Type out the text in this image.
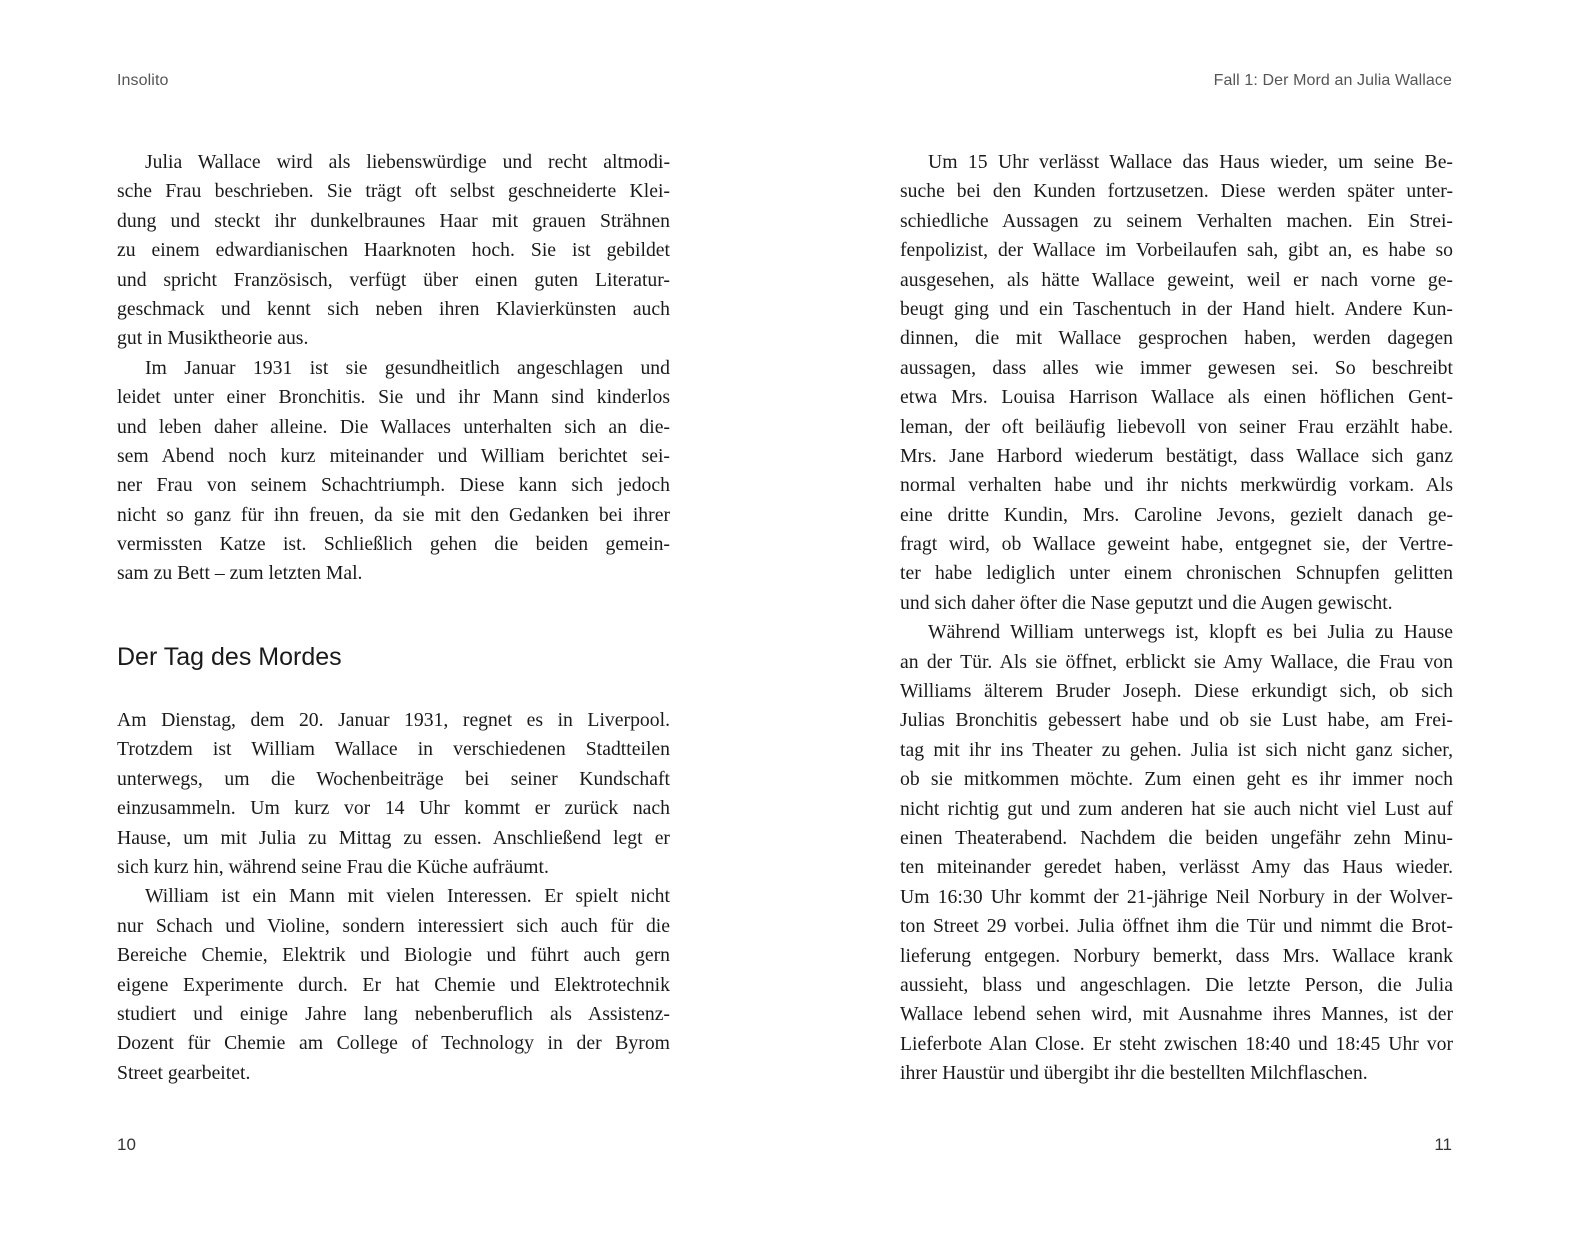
Insolito

Julia Wallace wird als liebenswürdige und recht altmodi-
sche Frau beschrieben. Sie trägt oft selbst geschneiderte Klei-
dung und steckt ihr dunkelbraunes Haar mit grauen Strähnen
zu einem edwardianischen Haarknoten hoch. Sie ist gebildet
und spricht Französisch, verfügt über einen guten Literatur-
geschmack und kennt sich neben ihren Klavierkünsten auch
gut in Musiktheorie aus.

Im Januar 1931 ist sie gesundheitlich angeschlagen und
leidet unter einer Bronchitis. Sie und ihr Mann sind kinderlos
und leben daher alleine. Die Wallaces unterhalten sich an die-
sem Abend noch kurz miteinander und William berichtet sei-
ner Frau von seinem Schachtriumph. Diese kann sich jedoch
nicht so ganz für ihn freuen, da sie mit den Gedanken bei ihrer
vermissten Katze ist. Schließlich gehen die beiden gemein-
sam zu Bett – zum letzten Mal.

Der Tag des Mordes

Am Dienstag, dem 20. Januar 1931, regnet es in Liverpool.
Trotzdem ist William Wallace in verschiedenen Stadtteilen
unterwegs, um die Wochenbeiträge bei seiner Kundschaft
einzusammeln. Um kurz vor 14 Uhr kommt er zurück nach
Hause, um mit Julia zu Mittag zu essen. Anschließend legt er
sich kurz hin, während seine Frau die Küche aufräumt.

William ist ein Mann mit vielen Interessen. Er spielt nicht
nur Schach und Violine, sondern interessiert sich auch für die
Bereiche Chemie, Elektrik und Biologie und führt auch gern
eigene Experimente durch. Er hat Chemie und Elektrotechnik
studiert und einige Jahre lang nebenberuflich als Assistenz-
Dozent für Chemie am College of Technology in der Byrom
Street gearbeitet.

10
Fall 1: Der Mord an Julia Wallace

Um 15 Uhr verlässt Wallace das Haus wieder, um seine Be-
suche bei den Kunden fortzusetzen. Diese werden später unter-
schiedliche Aussagen zu seinem Verhalten machen. Ein Strei-
fenpolizist, der Wallace im Vorbeilaufen sah, gibt an, es habe so
ausgesehen, als hätte Wallace geweint, weil er nach vorne ge-
beugt ging und ein Taschentuch in der Hand hielt. Andere Kun-
dinnen, die mit Wallace gesprochen haben, werden dagegen
aussagen, dass alles wie immer gewesen sei. So beschreibt
etwa Mrs. Louisa Harrison Wallace als einen höflichen Gent-
leman, der oft beiläufig liebevoll von seiner Frau erzählt habe.
Mrs. Jane Harbord wiederum bestätigt, dass Wallace sich ganz
normal verhalten habe und ihr nichts merkwürdig vorkam. Als
eine dritte Kundin, Mrs. Caroline Jevons, gezielt danach ge-
fragt wird, ob Wallace geweint habe, entgegnet sie, der Vertre-
ter habe lediglich unter einem chronischen Schnupfen gelitten
und sich daher öfter die Nase geputzt und die Augen gewischt.

Während William unterwegs ist, klopft es bei Julia zu Hause
an der Tür. Als sie öffnet, erblickt sie Amy Wallace, die Frau von
Williams älterem Bruder Joseph. Diese erkundigt sich, ob sich
Julias Bronchitis gebessert habe und ob sie Lust habe, am Frei-
tag mit ihr ins Theater zu gehen. Julia ist sich nicht ganz sicher,
ob sie mitkommen möchte. Zum einen geht es ihr immer noch
nicht richtig gut und zum anderen hat sie auch nicht viel Lust auf
einen Theaterabend. Nachdem die beiden ungefähr zehn Minu-
ten miteinander geredet haben, verlässt Amy das Haus wieder.
Um 16:30 Uhr kommt der 21-jährige Neil Norbury in der Wolver-
ton Street 29 vorbei. Julia öffnet ihm die Tür und nimmt die Brot-
lieferung entgegen. Norbury bemerkt, dass Mrs. Wallace krank
aussieht, blass und angeschlagen. Die letzte Person, die Julia
Wallace lebend sehen wird, mit Ausnahme ihres Mannes, ist der
Lieferbote Alan Close. Er steht zwischen 18:40 und 18:45 Uhr vor
ihrer Haustür und übergibt ihr die bestellten Milchflaschen.

11
